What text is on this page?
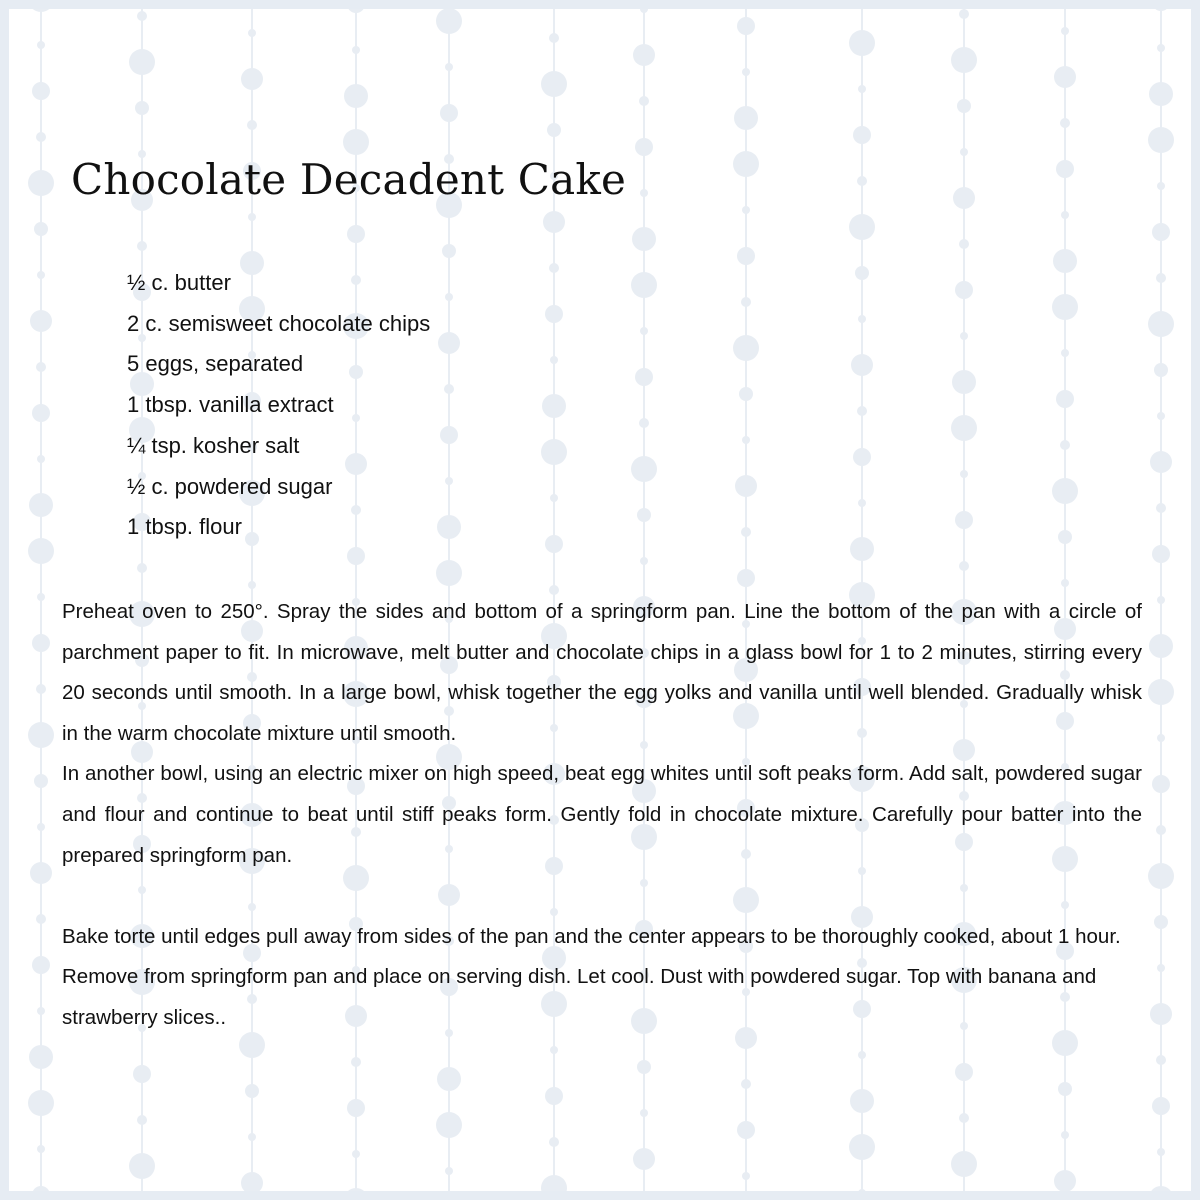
Chocolate Decadent Cake
½ c. butter
2 c. semisweet chocolate chips
5 eggs, separated
1 tbsp. vanilla extract
¼ tsp. kosher salt
½ c. powdered sugar
1 tbsp. flour

Preheat oven to 250°. Spray the sides and bottom of a springform pan. Line the bottom of the pan with a circle of parchment paper to fit. In microwave, melt butter and chocolate chips in a glass bowl for 1 to 2 minutes, stirring every 20 seconds until smooth. In a large bowl, whisk together the egg yolks and vanilla until well blended. Gradually whisk in the warm chocolate mixture until smooth.

In another bowl, using an electric mixer on high speed, beat egg whites until soft peaks form. Add salt, powdered sugar and flour and continue to beat until stiff peaks form. Gently fold in chocolate mixture. Carefully pour batter into the prepared springform pan.

Bake torte until edges pull away from sides of the pan and the center appears to be thoroughly cooked, about 1 hour. Remove from springform pan and place on serving dish. Let cool. Dust with powdered sugar. Top with banana and strawberry slices..
